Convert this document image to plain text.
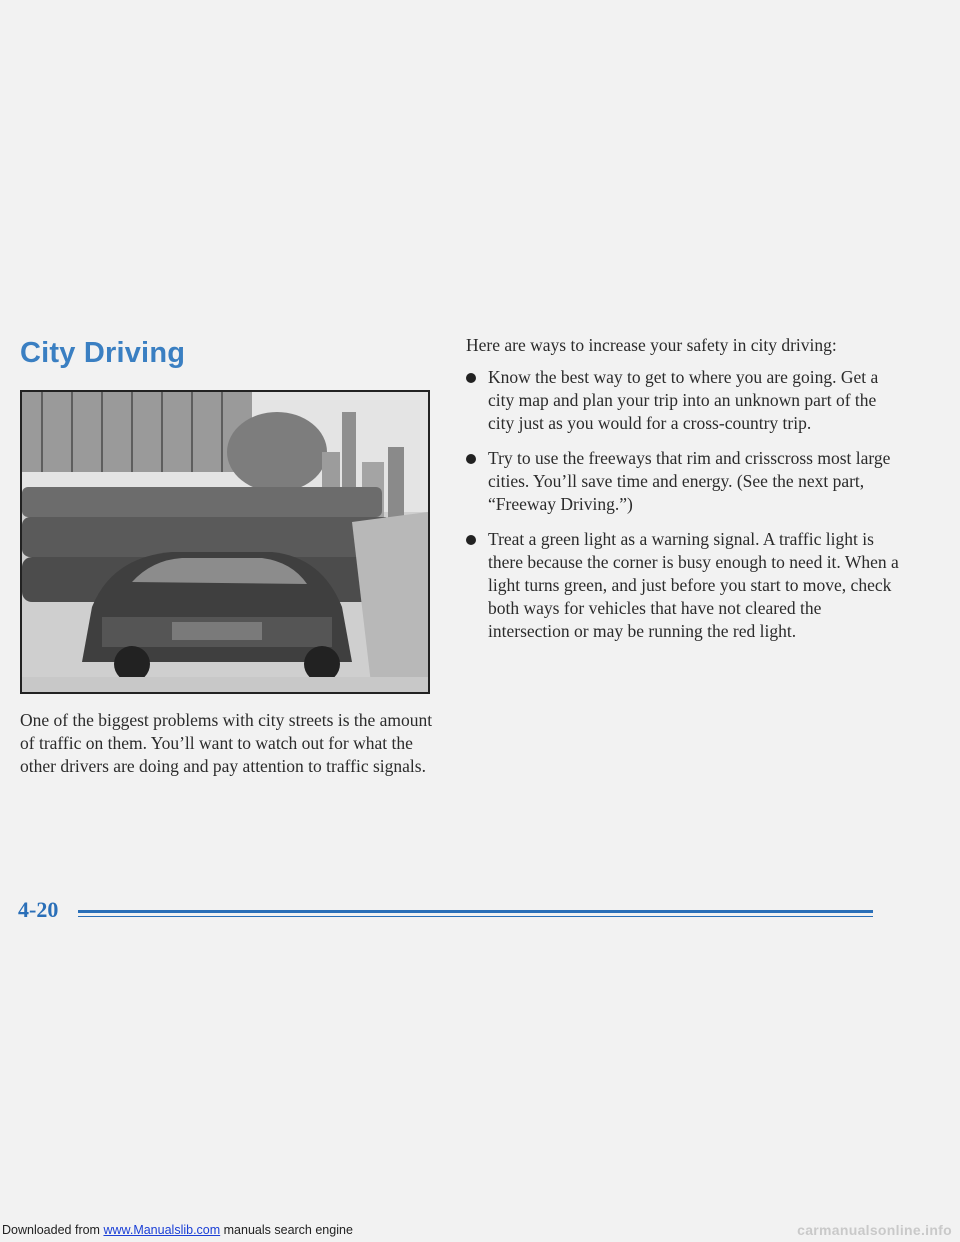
City Driving

One of the biggest problems with city streets is the amount of traffic on them. You’ll want to watch out for what the other drivers are doing and pay attention to traffic signals.

Here are ways to increase your safety in city driving:

Know the best way to get to where you are going. Get a city map and plan your trip into an unknown part of the city just as you would for a cross-country trip.
Try to use the freeways that rim and crisscross most large cities. You’ll save time and energy. (See the next part, “Freeway Driving.”)
Treat a green light as a warning signal. A traffic light is there because the corner is busy enough to need it. When a light turns green, and just before you start to move, check both ways for vehicles that have not cleared the intersection or may be running the red light.

4-20

Downloaded from www.Manualslib.com manuals search engine	carmanualsonline.info
